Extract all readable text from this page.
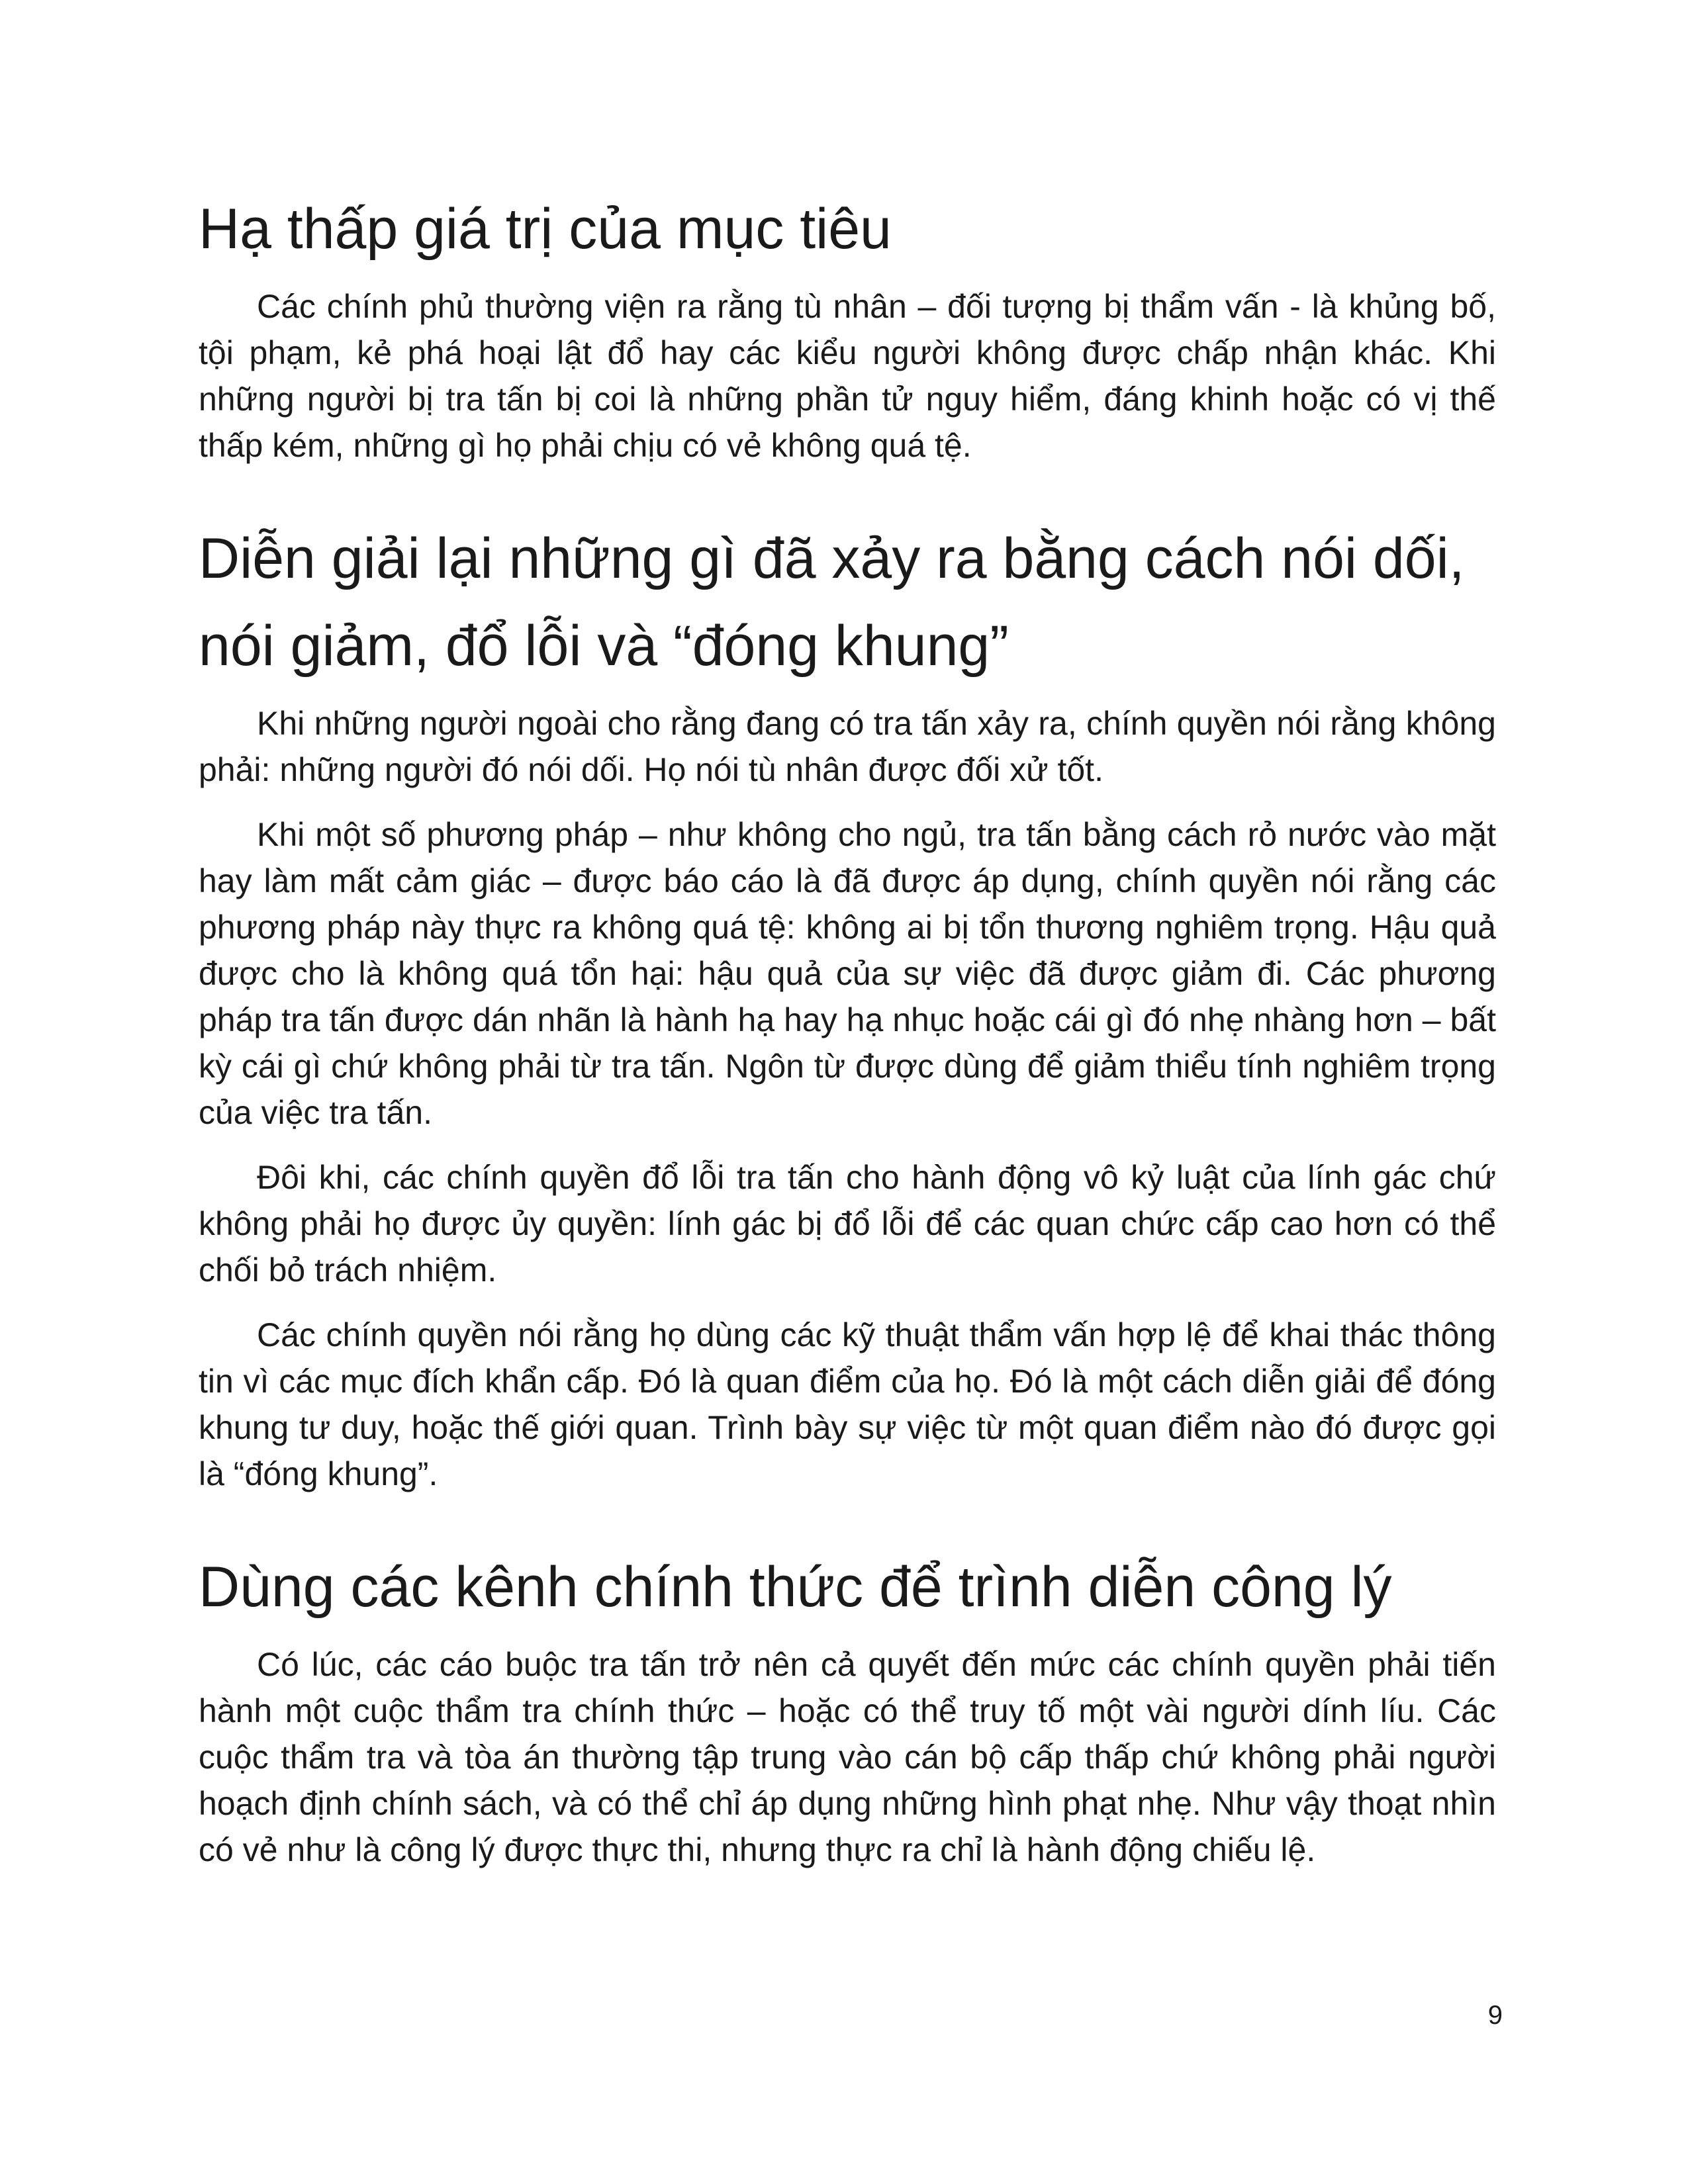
Hạ thấp giá trị của mục tiêu

Các chính phủ thường viện ra rằng tù nhân – đối tượng bị thẩm vấn - là khủng bố, tội phạm, kẻ phá hoại lật đổ hay các kiểu người không được chấp nhận khác. Khi những người bị tra tấn bị coi là những phần tử nguy hiểm, đáng khinh hoặc có vị thế thấp kém, những gì họ phải chịu có vẻ không quá tệ.

Diễn giải lại những gì đã xảy ra bằng cách nói dối, nói giảm, đổ lỗi và “đóng khung”

Khi những người ngoài cho rằng đang có tra tấn xảy ra, chính quyền nói rằng không phải: những người đó nói dối. Họ nói tù nhân được đối xử tốt.

Khi một số phương pháp – như không cho ngủ, tra tấn bằng cách rỏ nước vào mặt hay làm mất cảm giác – được báo cáo là đã được áp dụng, chính quyền nói rằng các phương pháp này thực ra không quá tệ: không ai bị tổn thương nghiêm trọng. Hậu quả được cho là không quá tổn hại: hậu quả của sự việc đã được giảm đi. Các phương pháp tra tấn được dán nhãn là hành hạ hay hạ nhục hoặc cái gì đó nhẹ nhàng hơn – bất kỳ cái gì chứ không phải từ tra tấn. Ngôn từ được dùng để giảm thiểu tính nghiêm trọng của việc tra tấn.

Đôi khi, các chính quyền đổ lỗi tra tấn cho hành động vô kỷ luật của lính gác chứ không phải họ được ủy quyền: lính gác bị đổ lỗi để các quan chức cấp cao hơn có thể chối bỏ trách nhiệm.

Các chính quyền nói rằng họ dùng các kỹ thuật thẩm vấn hợp lệ để khai thác thông tin vì các mục đích khẩn cấp. Đó là quan điểm của họ. Đó là một cách diễn giải để đóng khung tư duy, hoặc thế giới quan. Trình bày sự việc từ một quan điểm nào đó được gọi là “đóng khung”.

Dùng các kênh chính thức để trình diễn công lý

Có lúc, các cáo buộc tra tấn trở nên cả quyết đến mức các chính quyền phải tiến hành một cuộc thẩm tra chính thức – hoặc có thể truy tố một vài người dính líu. Các cuộc thẩm tra và tòa án thường tập trung vào cán bộ cấp thấp chứ không phải người hoạch định chính sách, và có thể chỉ áp dụng những hình phạt nhẹ. Như vậy thoạt nhìn có vẻ như là công lý được thực thi, nhưng thực ra chỉ là hành động chiếu lệ.

9
